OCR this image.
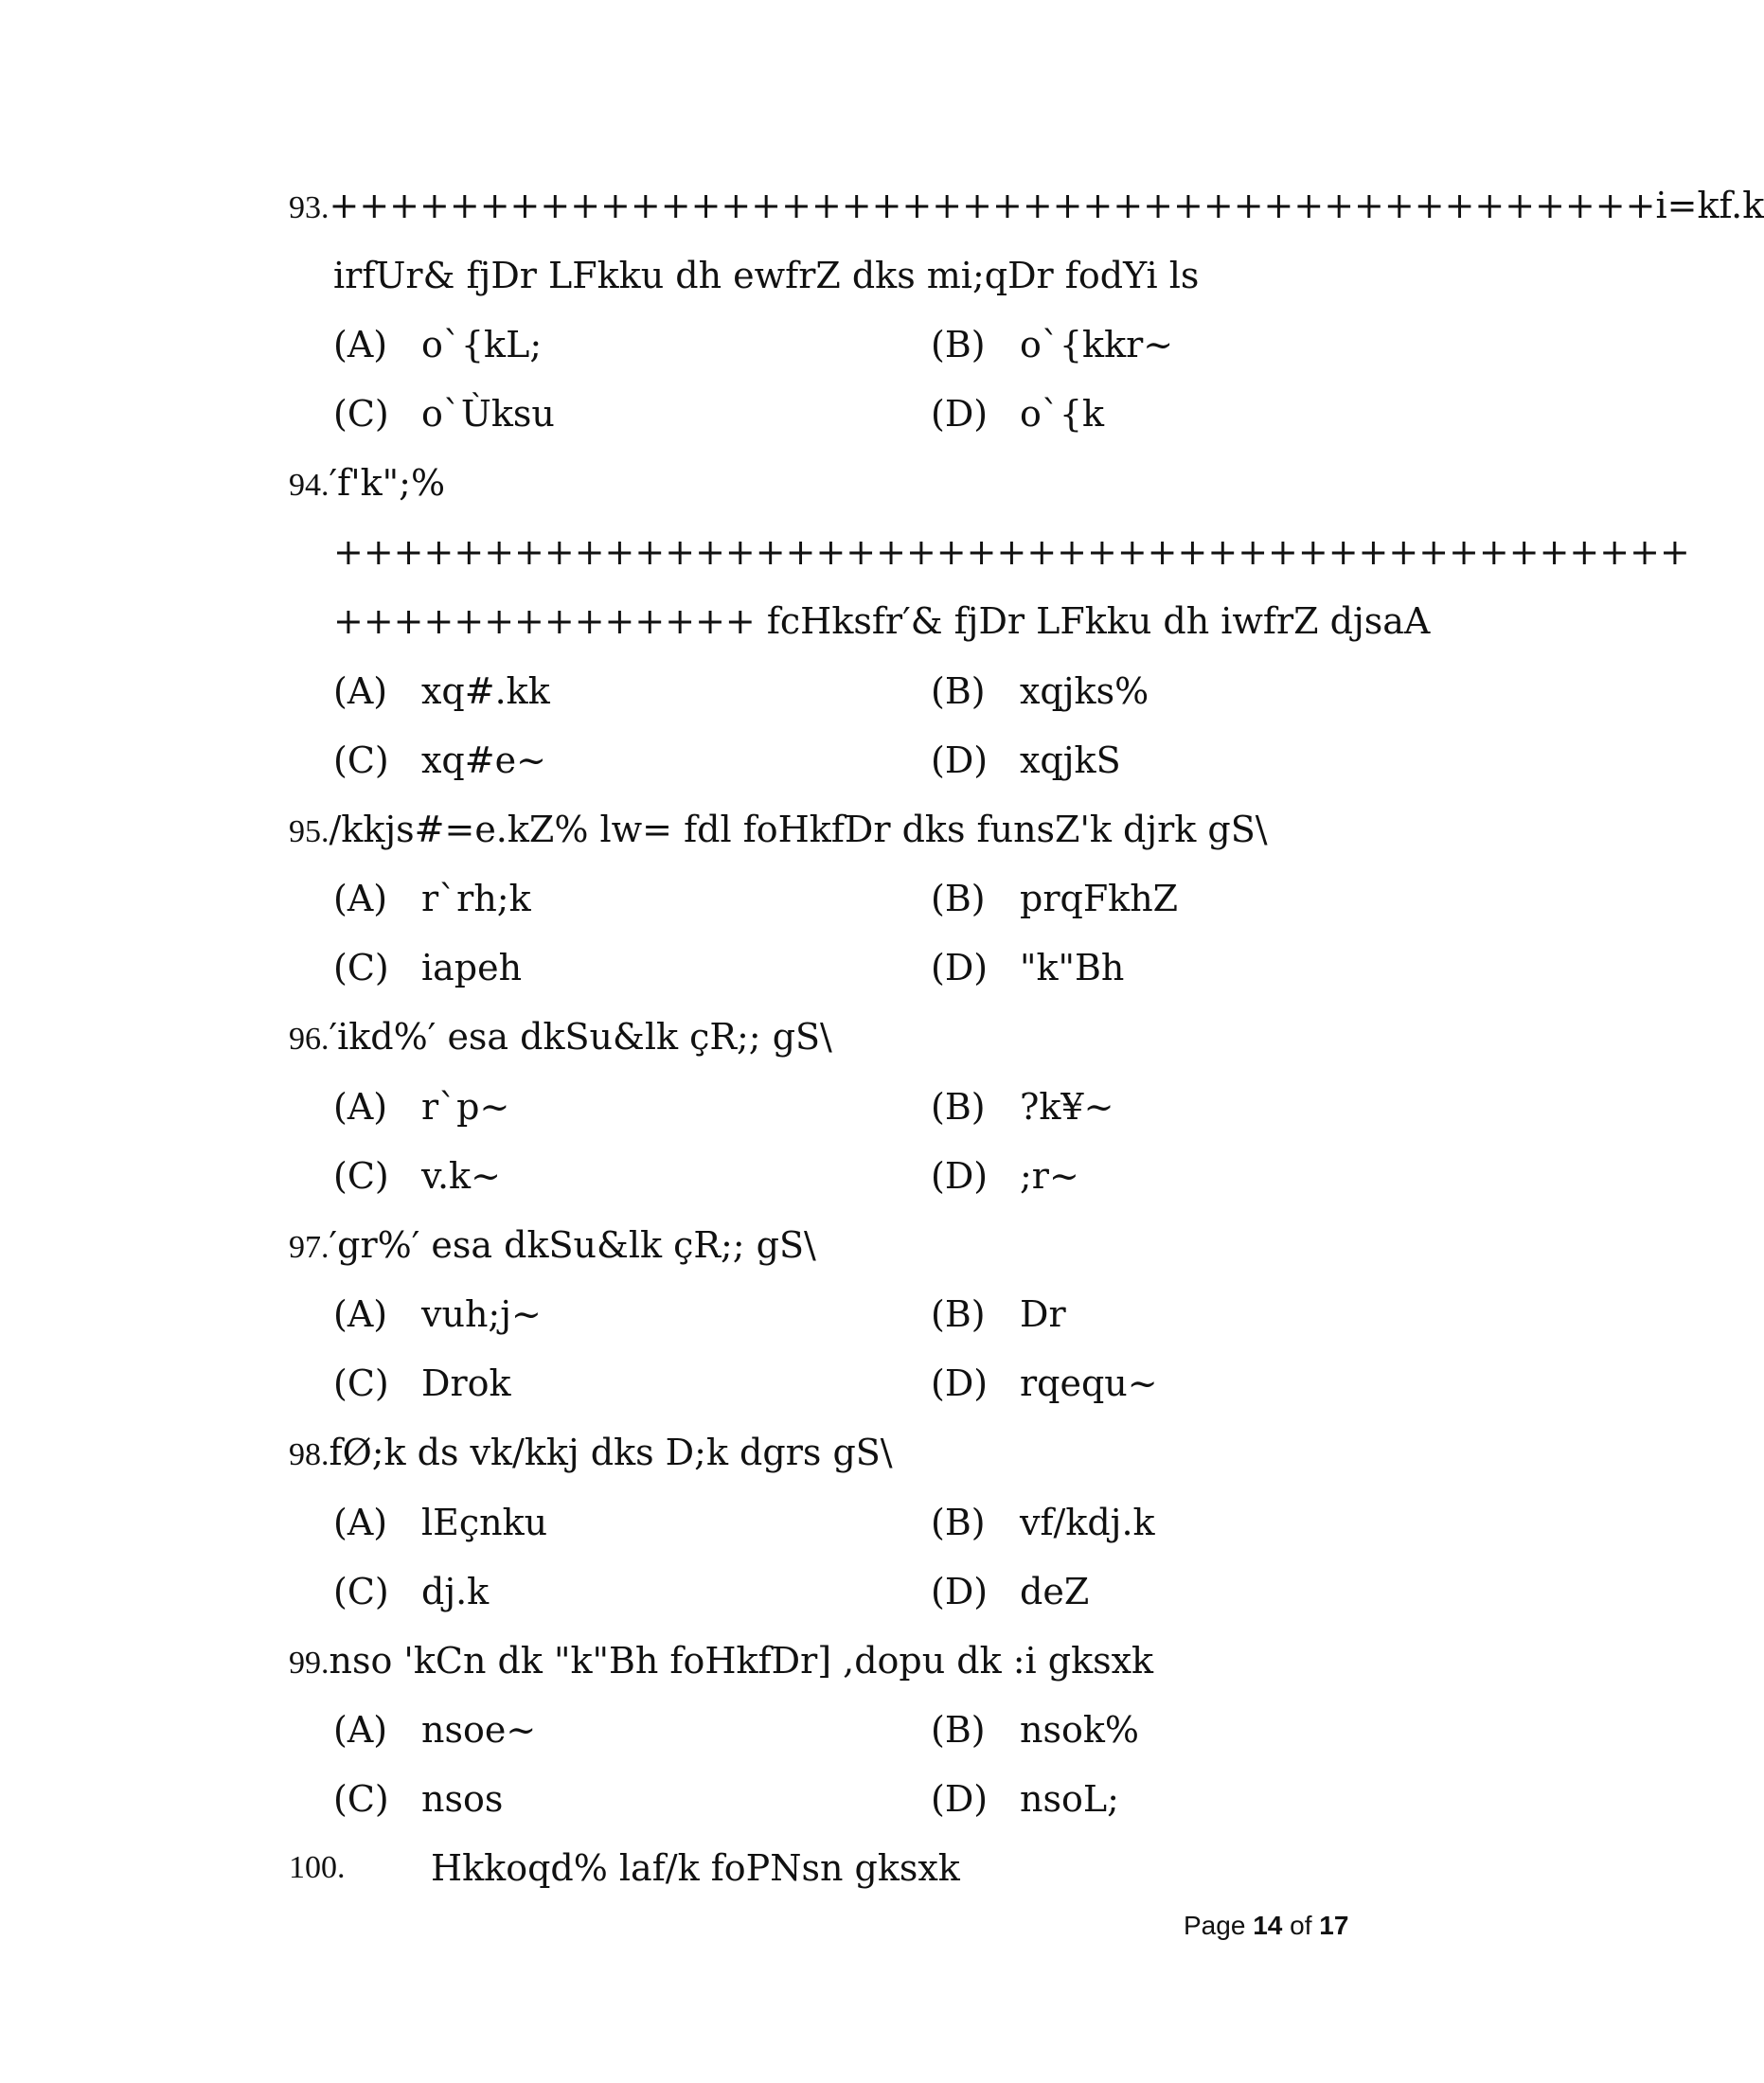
93.++++++++++++++++++++++++++++++++++++++++++++i=kf.k
irfUr& fjDr LFkku dh ewfrZ dks mi;qDr fodYi ls
(A) o`{kL;	(B) o`{kkr~
(C) o`Ùksu	(D) o`{k
94.′f'k";%
+++++++++++++++++++++++++++++++++++++++++++++
++++++++++++++ fcHksfr′& fjDr LFkku dh iwfrZ djsaA
(A) xq#.kk	(B) xqjks%
(C) xq#e~	(D) xqjkS
95./kkjs#=e.kZ% lw= fdl foHkfDr dks funsZ'k djrk gS\
(A) r`rh;k	(B) prqFkhZ
(C) iapeh	(D) "k"Bh
96.′ikd%′ esa dkSu&lk çR;; gS\
(A) r`p~	(B) ?k¥~
(C) v.k~	(D) ;r~
97.′gr%′ esa dkSu&lk çR;; gS\
(A) vuh;j~	(B) Dr
(C) Drok	(D) rqequ~
98.fØ;k ds vk/kkj dks D;k dgrs gS\
(A) lEçnku	(B) vf/kdj.k
(C) dj.k	(D) deZ
99.nso 'kCn dk "k"Bh foHkfDr] ,dopu dk :i gksxk
(A) nsoe~	(B) nsok%
(C) nsos	(D) nsoL;
100. Hkkoqd% laf/k foPNsn gksxk
Page 14 of 17
